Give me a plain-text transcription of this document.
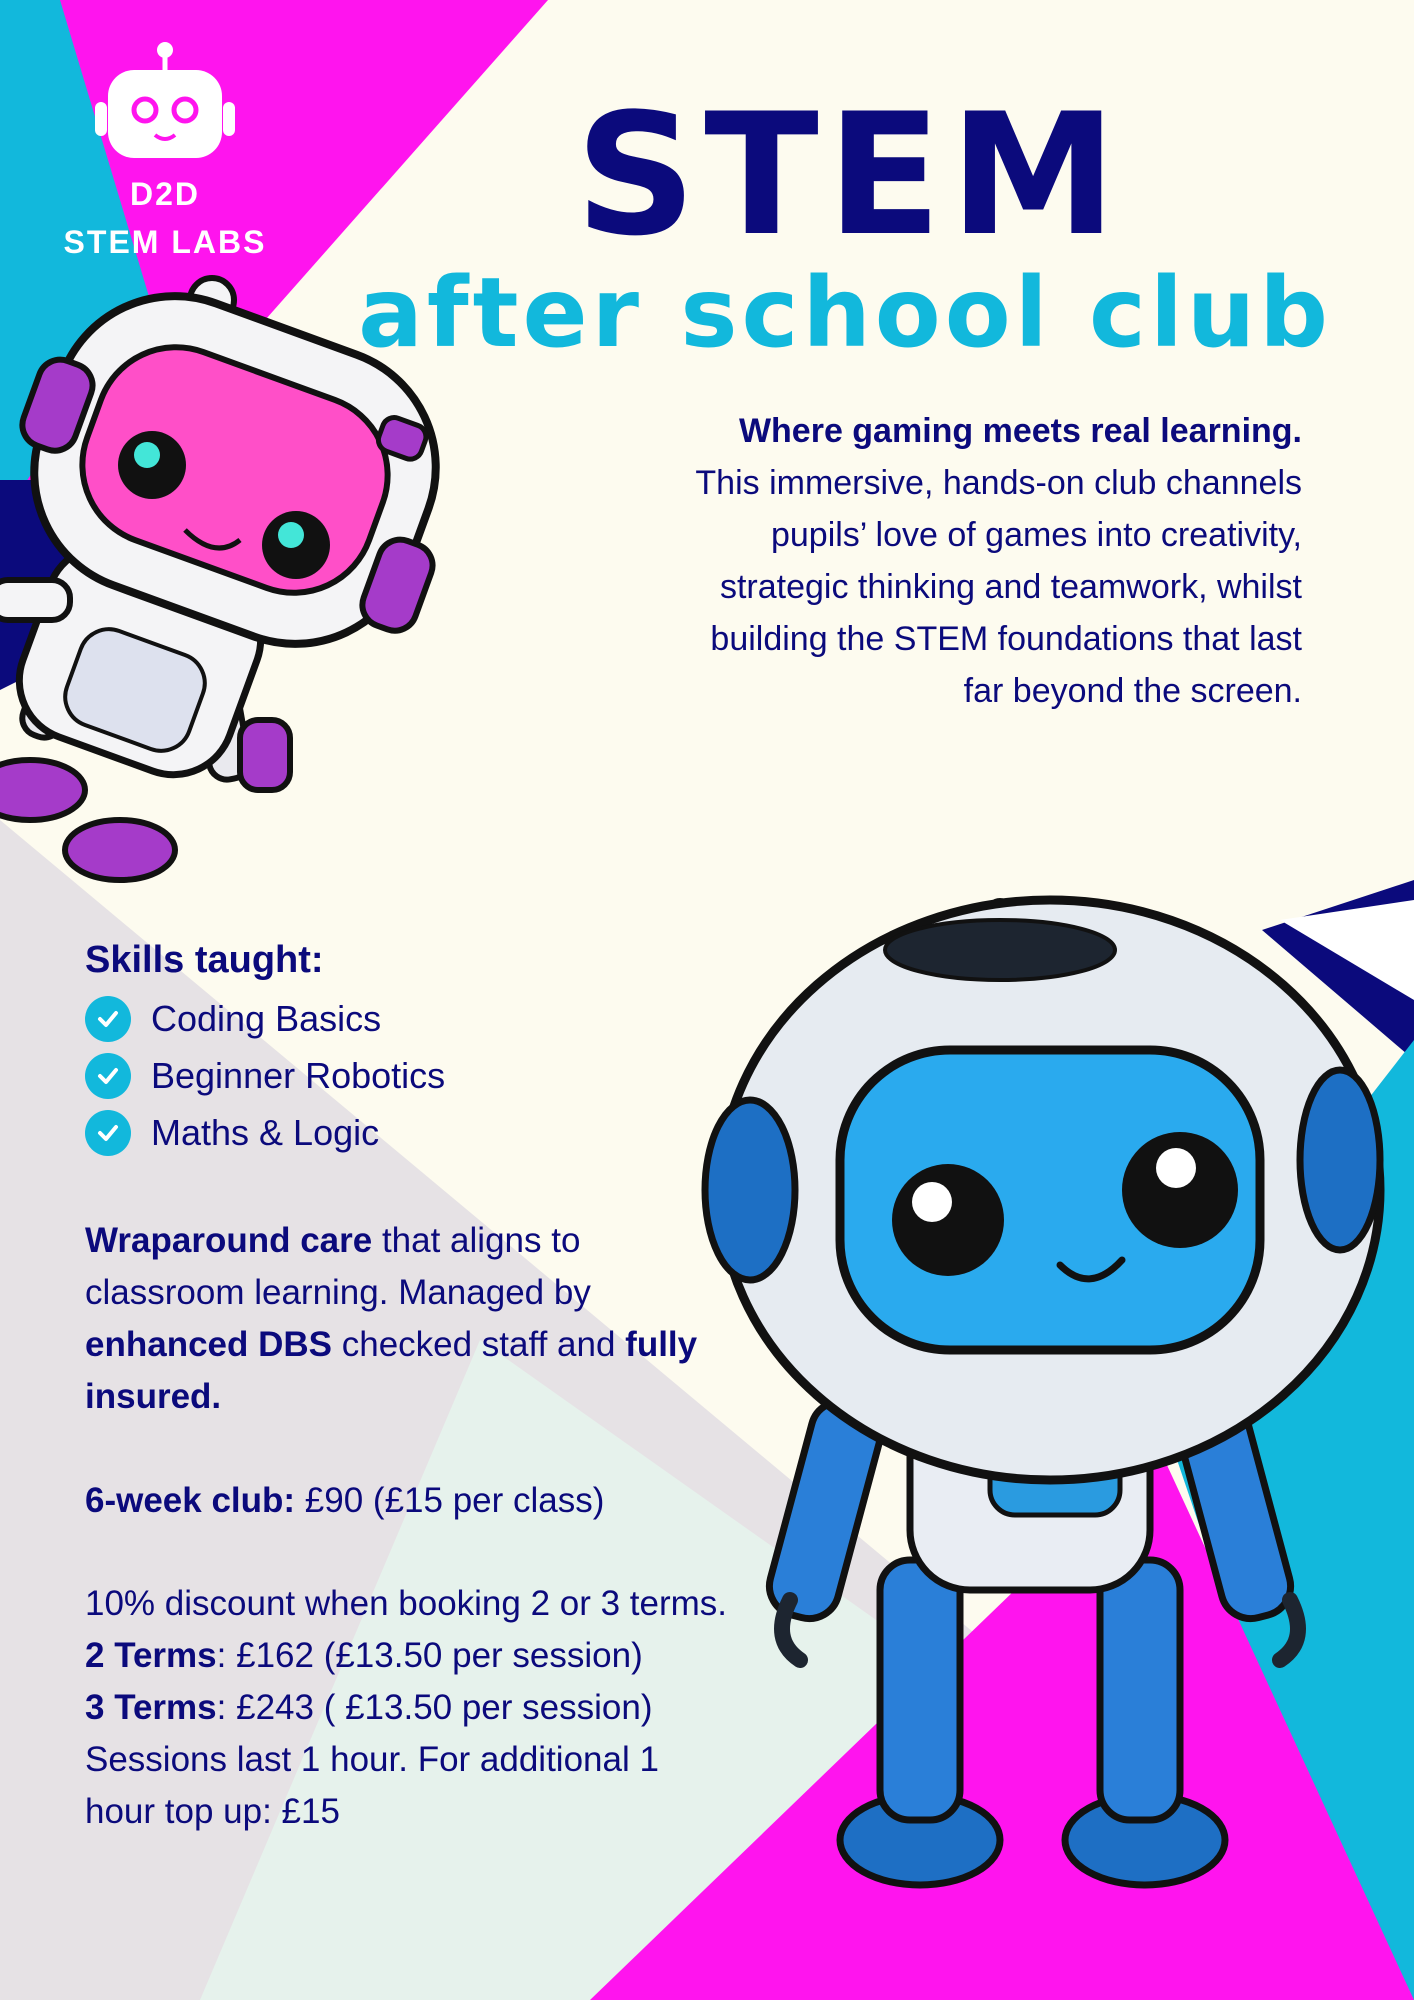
D2D
STEM LABS STEM
after school club
Where gaming meets real learning.
This immersive, hands-on club channels
pupils’ love of games into creativity,
strategic thinking and teamwork, whilst
building the STEM foundations that last
far beyond the screen.
Skills taught:
Coding Basics
Beginner Robotics
Maths & Logic
Wraparound care that aligns to
classroom learning. Managed by
enhanced DBS checked staff and fully
insured.
6-week club: £90 (£15 per class)
10% discount when booking 2 or 3 terms.
2 Terms: £162 (£13.50 per session)
3 Terms: £243 ( £13.50 per session)
Sessions last 1 hour. For additional 1
hour top up: £15
